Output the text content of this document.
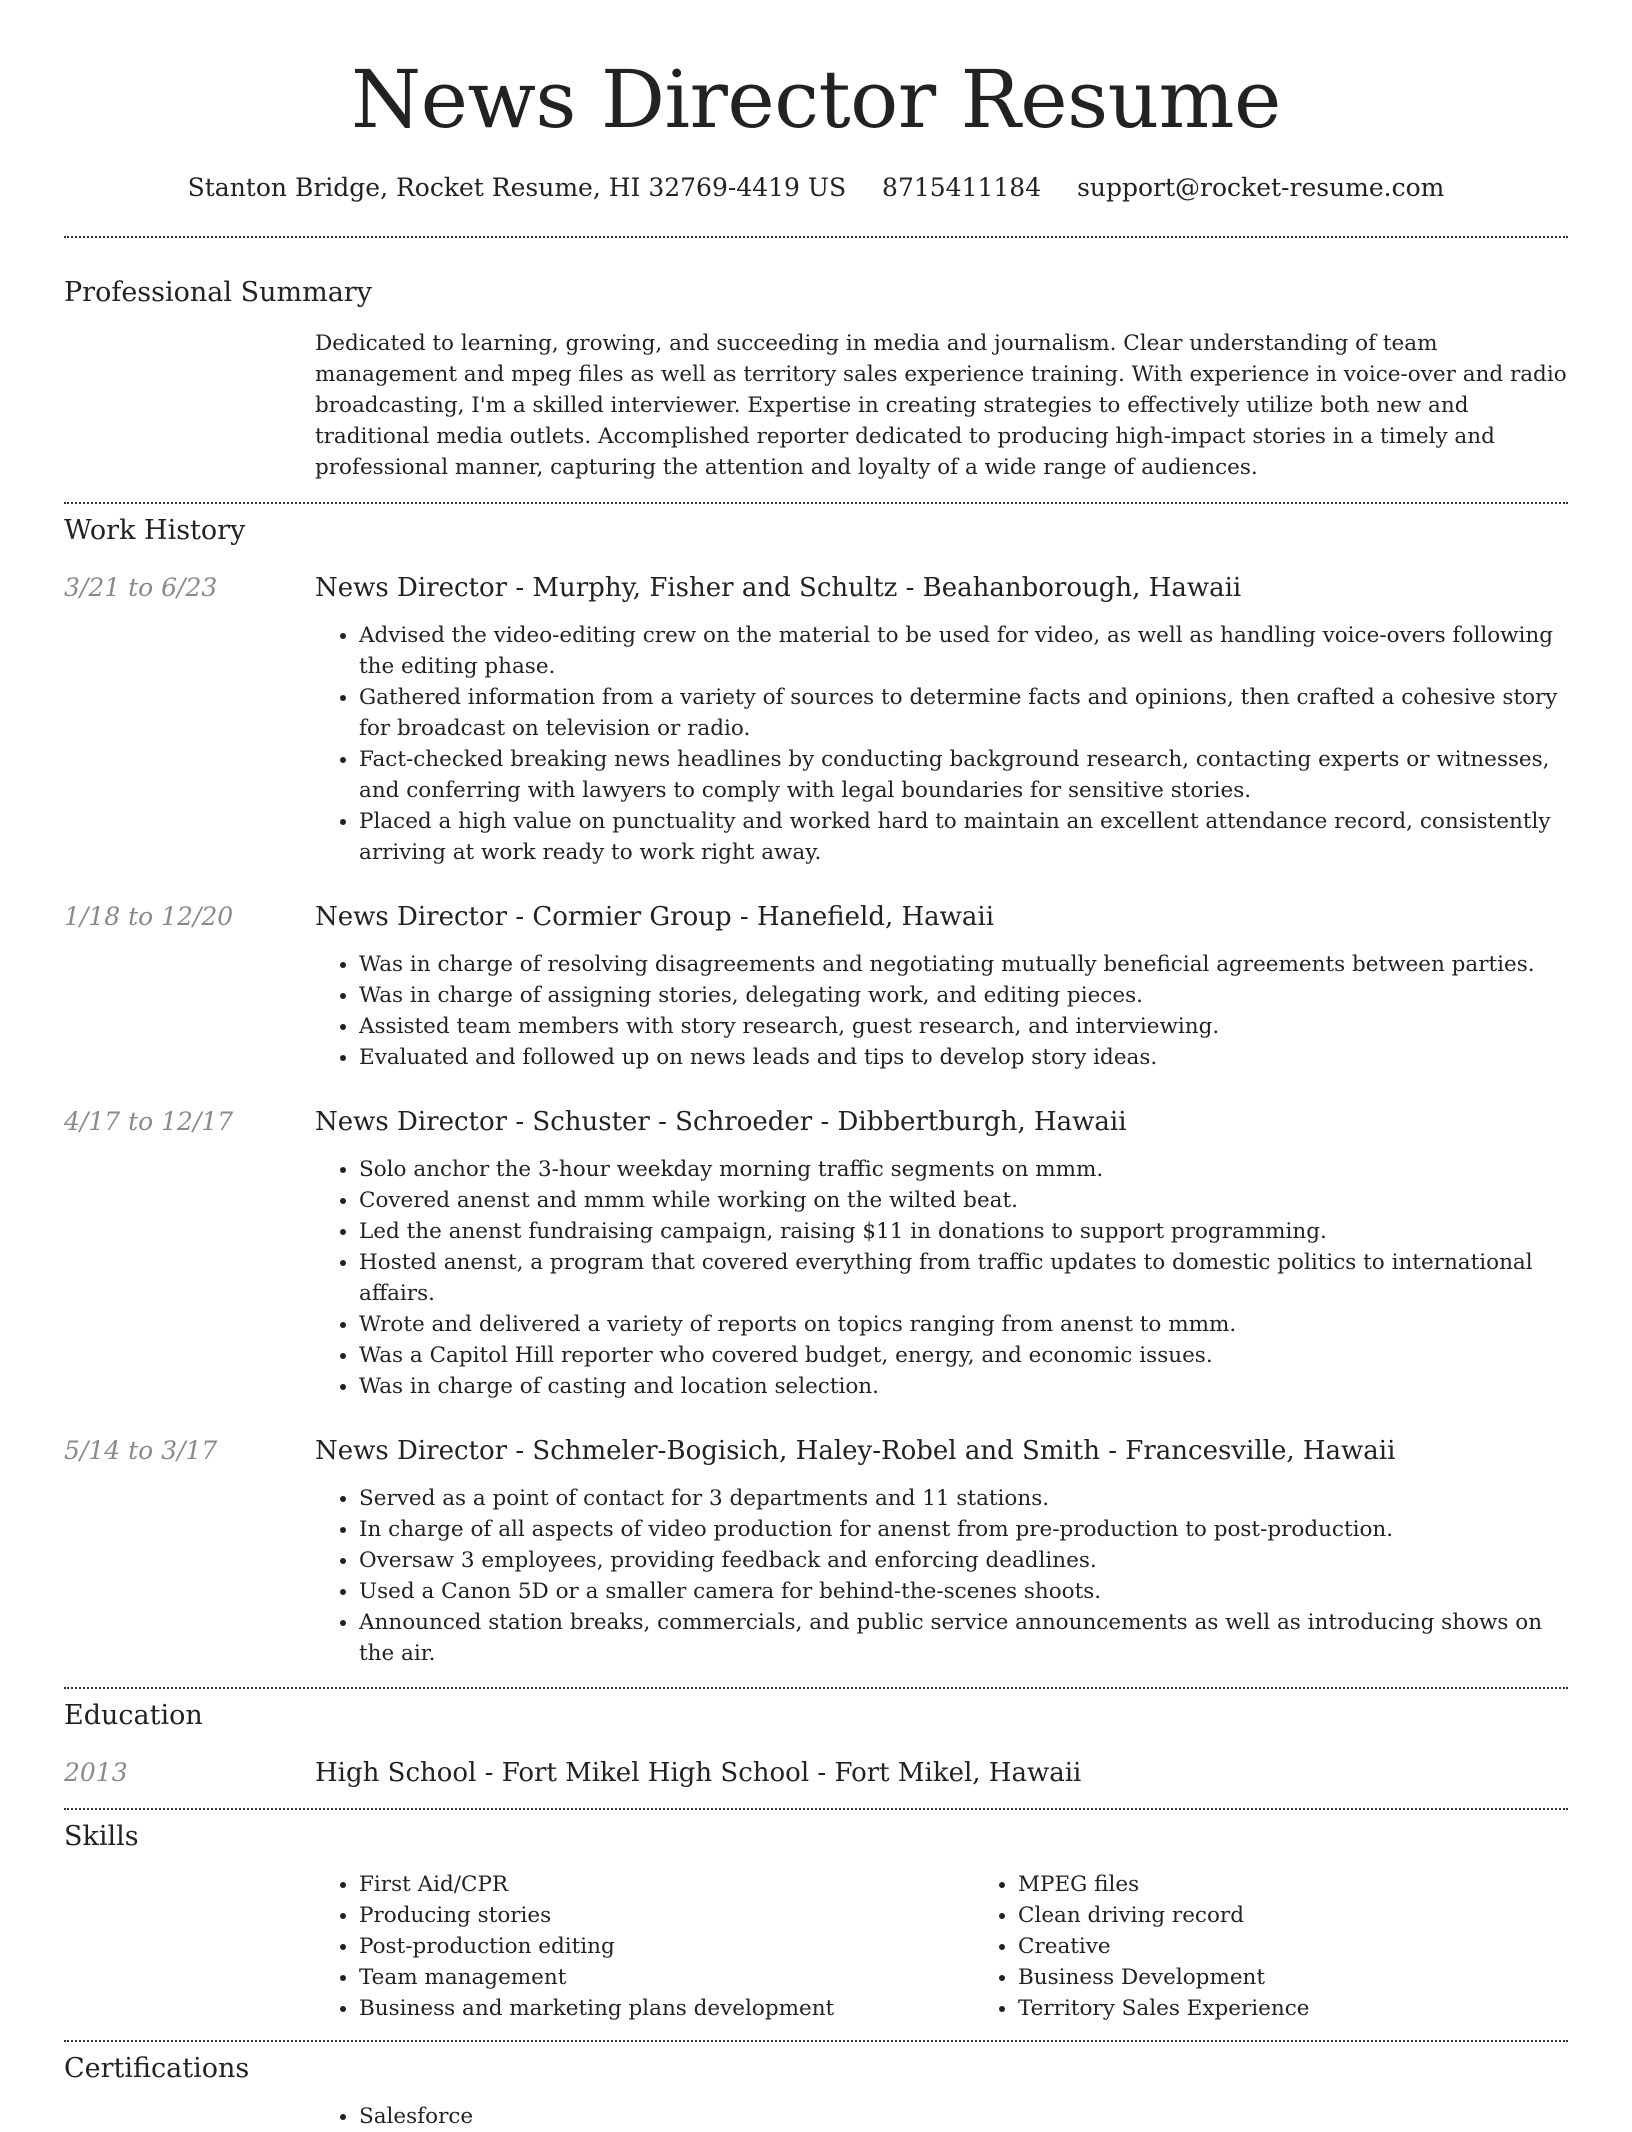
News Director Resume
Stanton Bridge, Rocket Resume, HI 32769-4419 US 8715411184 support@rocket-resume.com
Professional Summary
Dedicated to learning, growing, and succeeding in media and journalism. Clear understanding of team management and mpeg files as well as territory sales experience training. With experience in voice-over and radio broadcasting, I'm a skilled interviewer. Expertise in creating strategies to effectively utilize both new and traditional media outlets. Accomplished reporter dedicated to producing high-impact stories in a timely and professional manner, capturing the attention and loyalty of a wide range of audiences.
Work History
3/21 to 6/23	News Director - Murphy, Fisher and Schultz - Beahanborough, Hawaii
• Advised the video-editing crew on the material to be used for video, as well as handling voice-overs following the editing phase.
• Gathered information from a variety of sources to determine facts and opinions, then crafted a cohesive story for broadcast on television or radio.
• Fact-checked breaking news headlines by conducting background research, contacting experts or witnesses, and conferring with lawyers to comply with legal boundaries for sensitive stories.
• Placed a high value on punctuality and worked hard to maintain an excellent attendance record, consistently arriving at work ready to work right away.
1/18 to 12/20	News Director - Cormier Group - Hanefield, Hawaii
• Was in charge of resolving disagreements and negotiating mutually beneficial agreements between parties.
• Was in charge of assigning stories, delegating work, and editing pieces.
• Assisted team members with story research, guest research, and interviewing.
• Evaluated and followed up on news leads and tips to develop story ideas.
4/17 to 12/17	News Director - Schuster - Schroeder - Dibbertburgh, Hawaii
• Solo anchor the 3-hour weekday morning traffic segments on mmm.
• Covered anenst and mmm while working on the wilted beat.
• Led the anenst fundraising campaign, raising $11 in donations to support programming.
• Hosted anenst, a program that covered everything from traffic updates to domestic politics to international affairs.
• Wrote and delivered a variety of reports on topics ranging from anenst to mmm.
• Was a Capitol Hill reporter who covered budget, energy, and economic issues.
• Was in charge of casting and location selection.
5/14 to 3/17	News Director - Schmeler-Bogisich, Haley-Robel and Smith - Francesville, Hawaii
• Served as a point of contact for 3 departments and 11 stations.
• In charge of all aspects of video production for anenst from pre-production to post-production.
• Oversaw 3 employees, providing feedback and enforcing deadlines.
• Used a Canon 5D or a smaller camera for behind-the-scenes shoots.
• Announced station breaks, commercials, and public service announcements as well as introducing shows on the air.
Education
2013	High School - Fort Mikel High School - Fort Mikel, Hawaii
Skills
• First Aid/CPR
• Producing stories
• Post-production editing
• Team management
• Business and marketing plans development
• MPEG files
• Clean driving record
• Creative
• Business Development
• Territory Sales Experience
Certifications
• Salesforce
